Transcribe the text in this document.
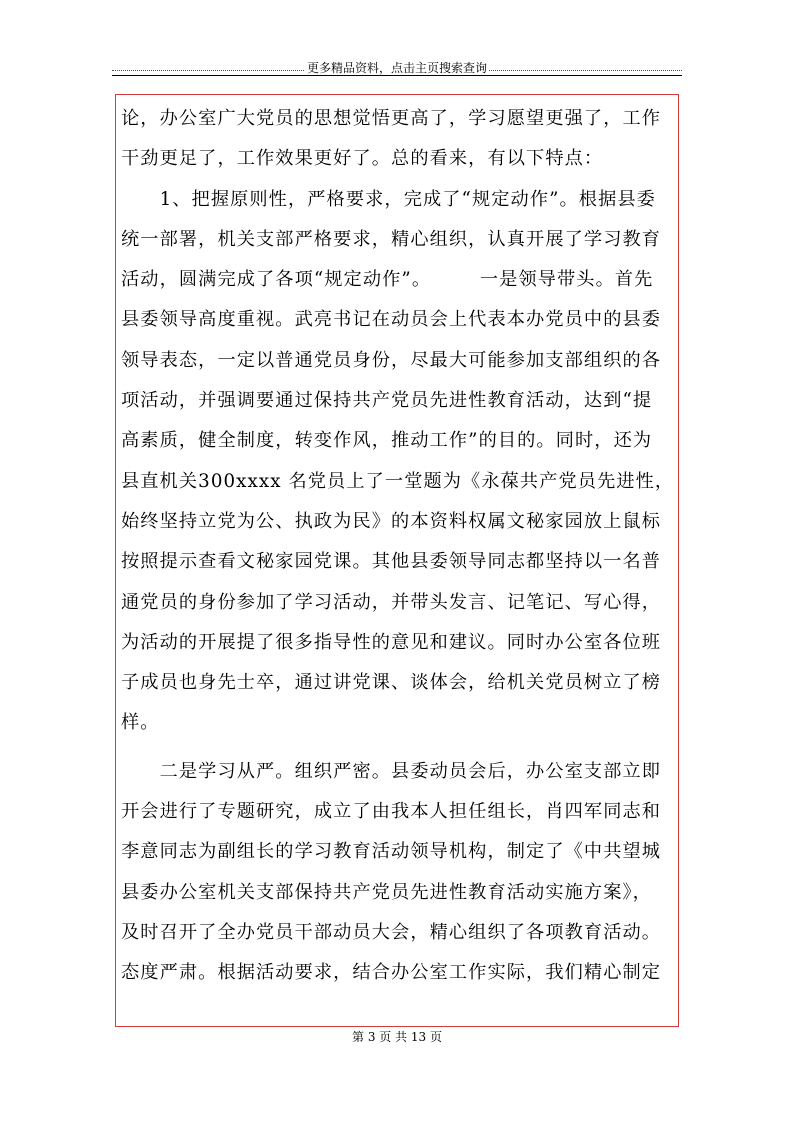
更多精品资料，点击主页搜索查询
论，办公室广大党员的思想觉悟更高了，学习愿望更强了，工作
干劲更足了，工作效果更好了。总的看来，有以下特点：
　　1、把握原则性，严格要求，完成了“规定动作”。根据县委
统一部署，机关支部严格要求，精心组织，认真开展了学习教育
活动，圆满完成了各项“规定动作”。　　　一是领导带头。首先
县委领导高度重视。武亮书记在动员会上代表本办党员中的县委
领导表态，一定以普通党员身份，尽最大可能参加支部组织的各
项活动，并强调要通过保持共产党员先进性教育活动，达到“提
高素质，健全制度，转变作风，推动工作”的目的。同时，还为
县直机关300xxxx 名党员上了一堂题为《永葆共产党员先进性，
始终坚持立党为公、执政为民》的本资料权属文秘家园放上鼠标
按照提示查看文秘家园党课。其他县委领导同志都坚持以一名普
通党员的身份参加了学习活动，并带头发言、记笔记、写心得，
为活动的开展提了很多指导性的意见和建议。同时办公室各位班
子成员也身先士卒，通过讲党课、谈体会，给机关党员树立了榜
样。
　　二是学习从严。组织严密。县委动员会后，办公室支部立即
开会进行了专题研究，成立了由我本人担任组长，肖四军同志和
李意同志为副组长的学习教育活动领导机构，制定了《中共望城
县委办公室机关支部保持共产党员先进性教育活动实施方案》，
及时召开了全办党员干部动员大会，精心组织了各项教育活动。
态度严肃。根据活动要求，结合办公室工作实际，我们精心制定
第 3 页 共 13 页
